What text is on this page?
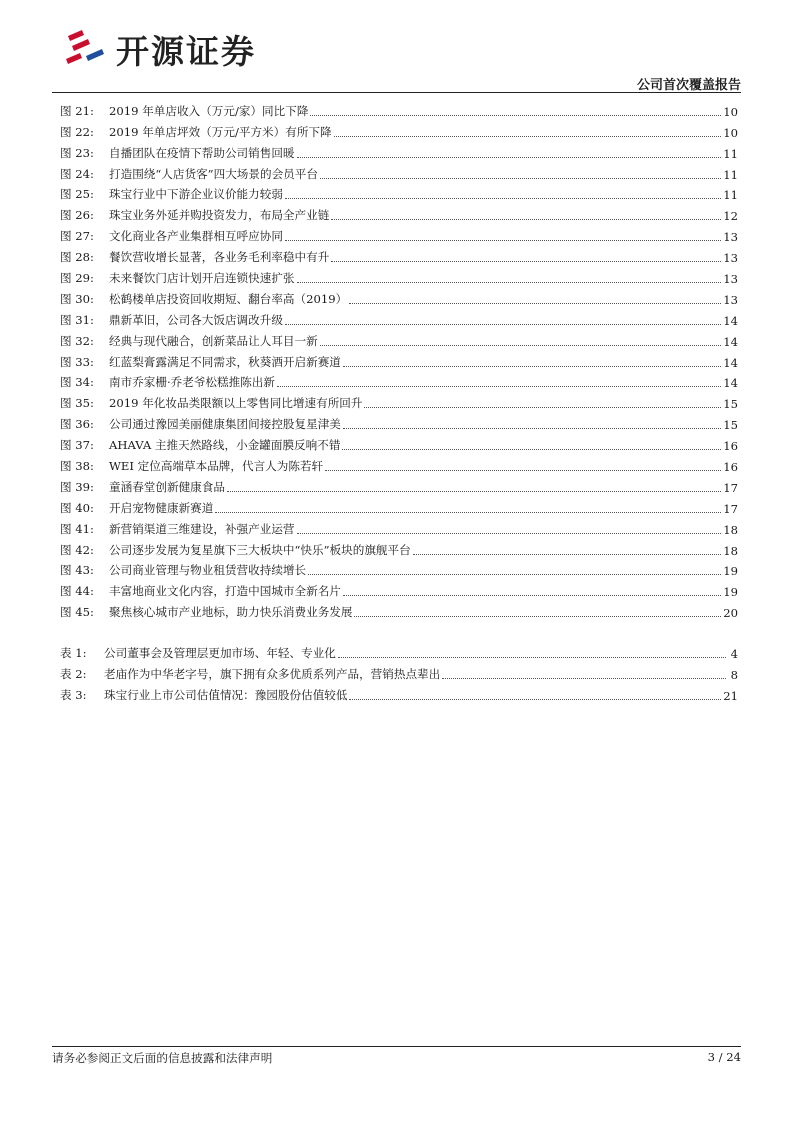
开源证券
公司首次覆盖报告
图 21:	2019 年单店收入（万元/家）同比下降	10
图 22:	2019 年单店坪效（万元/平方米）有所下降	10
图 23:	自播团队在疫情下帮助公司销售回暖	11
图 24:	打造围绕“人店货客”四大场景的会员平台	11
图 25:	珠宝行业中下游企业议价能力较弱	11
图 26:	珠宝业务外延并购投资发力，布局全产业链	12
图 27:	文化商业各产业集群相互呼应协同	13
图 28:	餐饮营收增长显著，各业务毛利率稳中有升	13
图 29:	未来餐饮门店计划开启连锁快速扩张	13
图 30:	松鹤楼单店投资回收期短、翻台率高（2019）	13
图 31:	鼎新革旧，公司各大饭店调改升级	14
图 32:	经典与现代融合，创新菜品让人耳目一新	14
图 33:	红蓝梨膏露满足不同需求，秋葵酒开启新赛道	14
图 34:	南市乔家栅·乔老爷松糕推陈出新	14
图 35:	2019 年化妆品类限额以上零售同比增速有所回升	15
图 36:	公司通过豫园美丽健康集团间接控股复星津美	15
图 37:	AHAVA 主推天然路线，小金罐面膜反响不错	16
图 38:	WEI 定位高端草本品牌，代言人为陈若轩	16
图 39:	童涵春堂创新健康食品	17
图 40:	开启宠物健康新赛道	17
图 41:	新营销渠道三维建设，补强产业运营	18
图 42:	公司逐步发展为复星旗下三大板块中“快乐”板块的旗舰平台	18
图 43:	公司商业管理与物业租赁营收持续增长	19
图 44:	丰富地商业文化内容，打造中国城市全新名片	19
图 45:	聚焦核心城市产业地标，助力快乐消费业务发展	20
表 1:	公司董事会及管理层更加市场、年轻、专业化	4
表 2:	老庙作为中华老字号，旗下拥有众多优质系列产品，营销热点辈出	8
表 3:	珠宝行业上市公司估值情况：豫园股份估值较低	21
请务必参阅正文后面的信息披露和法律声明	3 / 24
